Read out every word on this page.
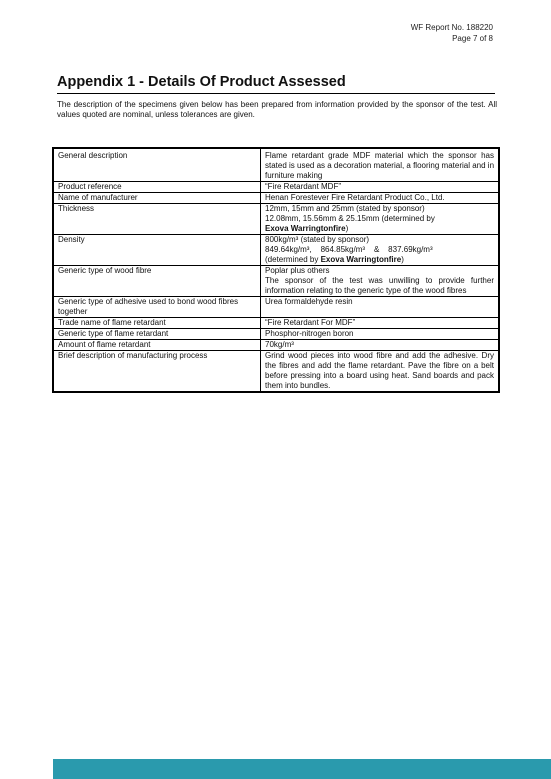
WF Report No. 188220
Page 7 of 8
Appendix 1 - Details Of Product Assessed
The description of the specimens given below has been prepared from information provided by the sponsor of the test. All values quoted are nominal, unless tolerances are given.
General description	Flame retardant grade MDF material which the sponsor has stated is used as a decoration material, a flooring material and in furniture making
Product reference	“Fire Retardant MDF”
Name of manufacturer	Henan Forestever Fire Retardant Product Co., Ltd.
Thickness	12mm, 15mm and 25mm (stated by sponsor)
12.08mm, 15.56mm & 25.15mm (determined by
Exova Warringtonfire)

Density	800kg/m³ (stated by sponsor)
849.64kg/m³,    864.85kg/m³    &    837.69kg/m³
(determined by Exova Warringtonfire)

Generic type of wood fibre	Poplar plus others
The sponsor of the test was unwilling to provide further information relating to the generic type of the wood fibres

Generic type of adhesive used to bond wood fibres together	Urea formaldehyde resin
Trade name of flame retardant	“Fire Retardant For MDF”
Generic type of flame retardant	Phosphor-nitrogen boron
Amount of flame retardant	70kg/m³
Brief description of manufacturing process	Grind wood pieces into wood fibre and add the adhesive. Dry the fibres and add the flame retardant. Pave the fibre on a belt before pressing into a board using heat. Sand boards and pack them into bundles.
